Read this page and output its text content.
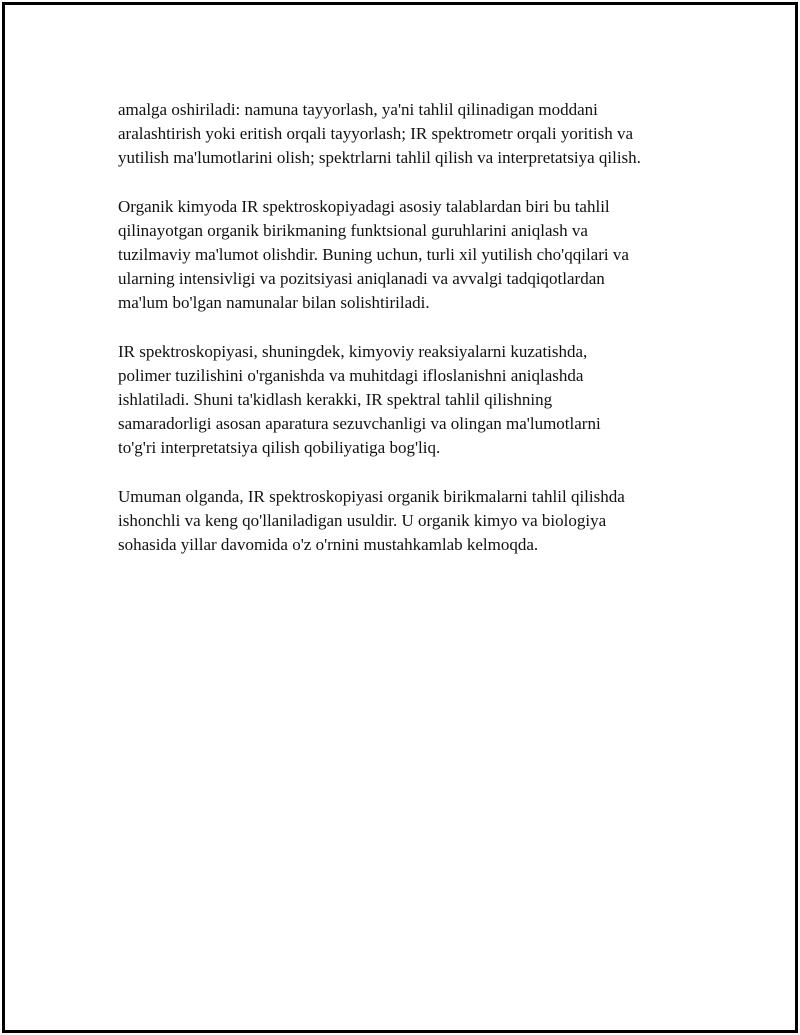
amalga oshiriladi: namuna tayyorlash, ya'ni tahlil qilinadigan moddani
aralashtirish yoki eritish orqali tayyorlash; IR spektrometr orqali yoritish va
yutilish ma'lumotlarini olish; spektrlarni tahlil qilish va interpretatsiya qilish.

Organik kimyoda IR spektroskopiyadagi asosiy talablardan biri bu tahlil
qilinayotgan organik birikmaning funktsional guruhlarini aniqlash va
tuzilmaviy ma'lumot olishdir. Buning uchun, turli xil yutilish cho'qqilari va
ularning intensivligi va pozitsiyasi aniqlanadi va avvalgi tadqiqotlardan
ma'lum bo'lgan namunalar bilan solishtiriladi.

IR spektroskopiyasi, shuningdek, kimyoviy reaksiyalarni kuzatishda,
polimer tuzilishini o'rganishda va muhitdagi ifloslanishni aniqlashda
ishlatiladi. Shuni ta'kidlash kerakki, IR spektral tahlil qilishning
samaradorligi asosan aparatura sezuvchanligi va olingan ma'lumotlarni
to'g'ri interpretatsiya qilish qobiliyatiga bog'liq.

Umuman olganda, IR spektroskopiyasi organik birikmalarni tahlil qilishda
ishonchli va keng qo'llaniladigan usuldir. U organik kimyo va biologiya
sohasida yillar davomida o'z o'rnini mustahkamlab kelmoqda.
